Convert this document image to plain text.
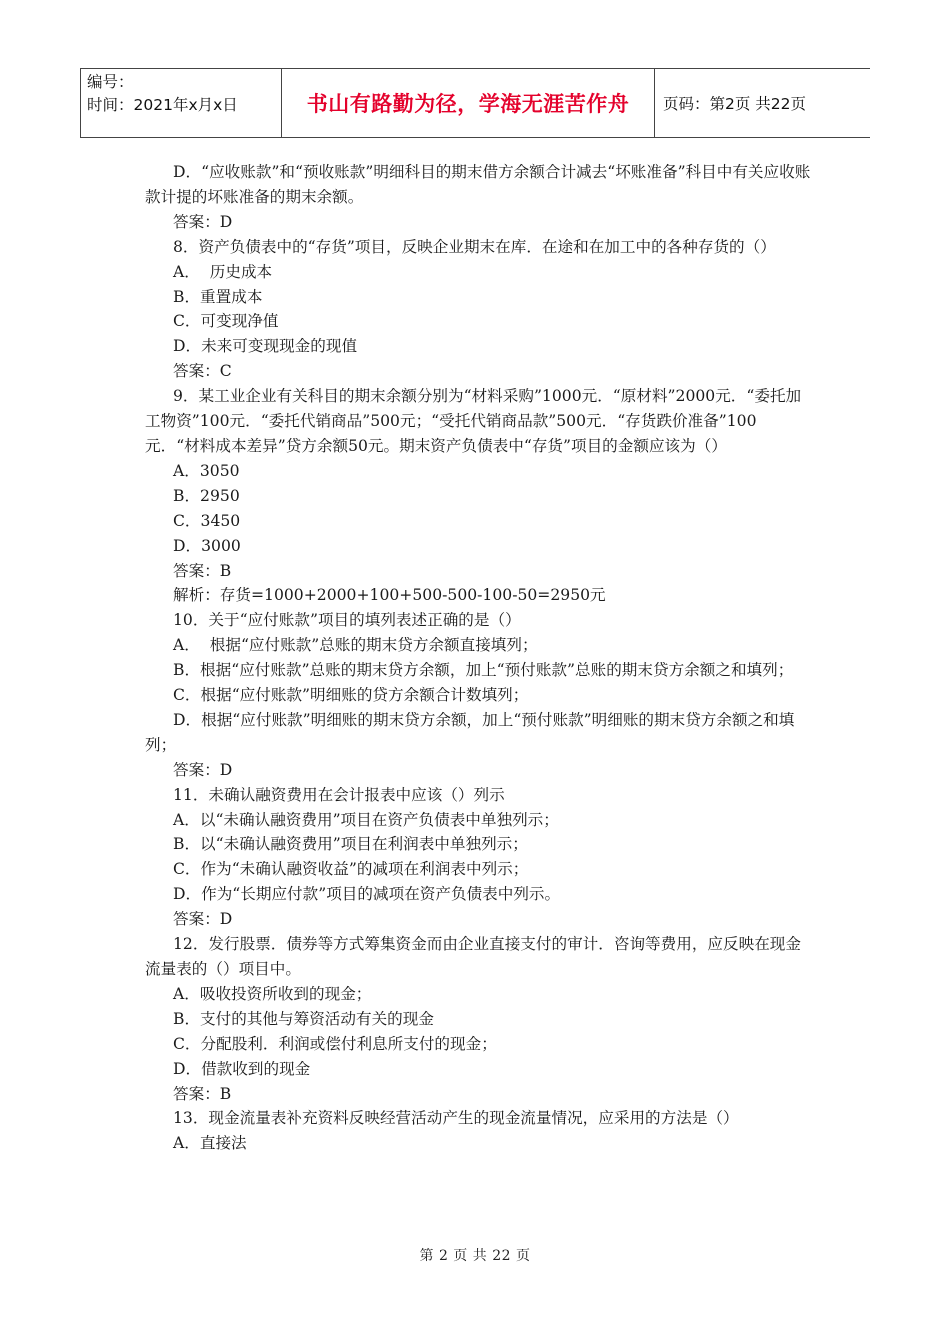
编号：
时间：2021年x月x日	书山有路勤为径，学海无涯苦作舟	页码：第2页 共22页

D．“应收账款”和“预收账款”明细科目的期末借方余额合计减去“坏账准备”科目中有关应收账款计提的坏账准备的期末余额。

答案：D

8．资产负债表中的“存货”项目，反映企业期末在库．在途和在加工中的各种存货的（）

A．  历史成本

B．重置成本

C．可变现净值

D．未来可变现现金的现值

答案：C

9．某工业企业有关科目的期末余额分别为“材料采购”1000元．“原材料”2000元．“委托加工物资”100元．“委托代销商品”500元；“受托代销商品款”500元．“存货跌价准备”100元．“材料成本差异”贷方余额50元。期末资产负债表中“存货”项目的金额应该为（）

A．3050

B．2950

C．3450

D．3000

答案：B

解析：存货=1000+2000+100+500-500-100-50=2950元

10．关于“应付账款”项目的填列表述正确的是（）

A．  根据“应付账款”总账的期末贷方余额直接填列；

B．根据“应付账款”总账的期末贷方余额，加上“预付账款”总账的期末贷方余额之和填列；

C．根据“应付账款”明细账的贷方余额合计数填列；

D．根据“应付账款”明细账的期末贷方余额，加上“预付账款”明细账的期末贷方余额之和填列；

答案：D

11．未确认融资费用在会计报表中应该（）列示

A．以“未确认融资费用”项目在资产负债表中单独列示；

B．以“未确认融资费用”项目在利润表中单独列示；

C．作为“未确认融资收益”的减项在利润表中列示；

D．作为“长期应付款”项目的减项在资产负债表中列示。

答案：D

12．发行股票．债券等方式筹集资金而由企业直接支付的审计．咨询等费用，应反映在现金流量表的（）项目中。

A．吸收投资所收到的现金；

B．支付的其他与筹资活动有关的现金

C．分配股利．利润或偿付利息所支付的现金；

D．借款收到的现金

答案：B

13．现金流量表补充资料反映经营活动产生的现金流量情况，应采用的方法是（）

A．直接法

第 2 页 共 22 页
